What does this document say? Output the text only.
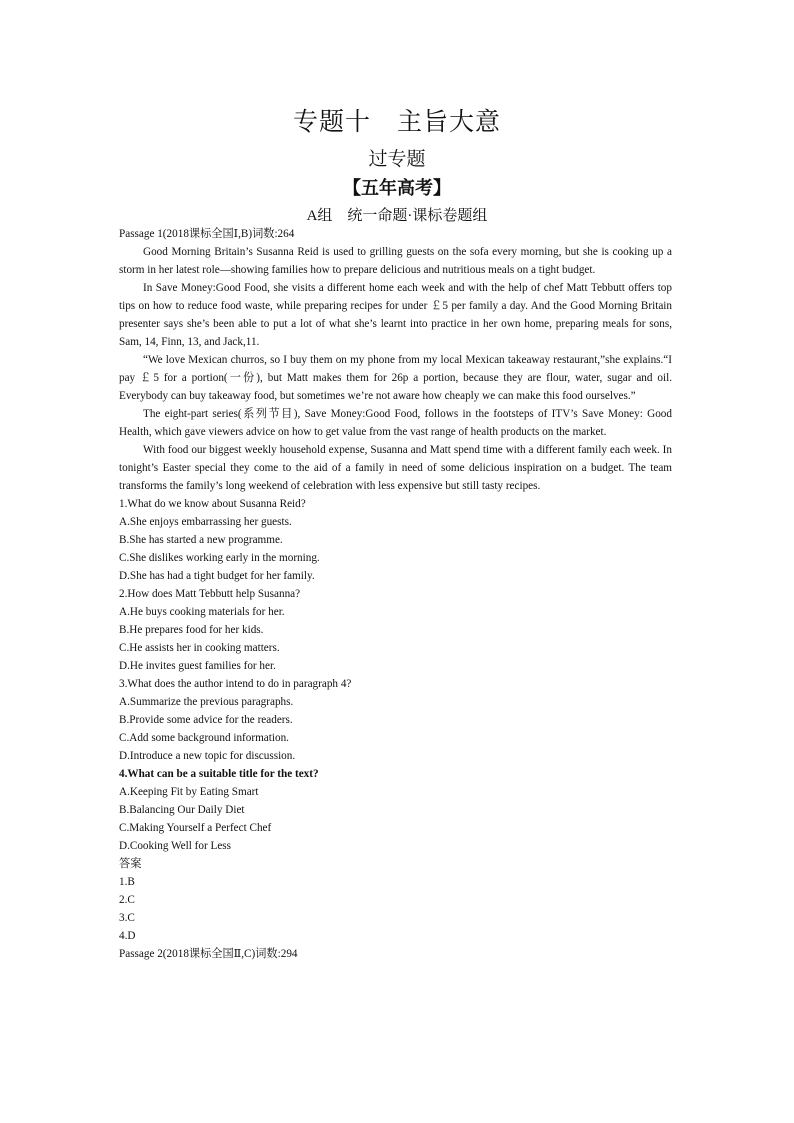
专题十　主旨大意
过专题
【五年高考】
A组　统一命题·课标卷题组

Passage 1(2018课标全国Ⅰ,B)词数:264

Good Morning Britain’s Susanna Reid is used to grilling guests on the sofa every morning, but she is cooking up a storm in her latest role—showing families how to prepare delicious and nutritious meals on a tight budget.

In Save Money:Good Food, she visits a different home each week and with the help of chef Matt Tebbutt offers top tips on how to reduce food waste, while preparing recipes for under ￡5 per family a day. And the Good Morning Britain presenter says she’s been able to put a lot of what she’s learnt into practice in her own home, preparing meals for sons, Sam, 14, Finn, 13, and Jack,11.

“We love Mexican churros, so I buy them on my phone from my local Mexican takeaway restaurant,”she explains.“I pay ￡5 for a portion(一份), but Matt makes them for 26p a portion, because they are flour, water, sugar and oil. Everybody can buy takeaway food, but sometimes we’re not aware how cheaply we can make this food ourselves.”

The eight-part series(系列节目), Save Money:Good Food, follows in the footsteps of ITV’s Save Money: Good Health, which gave viewers advice on how to get value from the vast range of health products on the market.

With food our biggest weekly household expense, Susanna and Matt spend time with a different family each week. In tonight’s Easter special they come to the aid of a family in need of some delicious inspiration on a budget. The team transforms the family’s long weekend of celebration with less expensive but still tasty recipes.

1.What do we know about Susanna Reid?

A.She enjoys embarrassing her guests.

B.She has started a new programme.

C.She dislikes working early in the morning.

D.She has had a tight budget for her family.

2.How does Matt Tebbutt help Susanna?

A.He buys cooking materials for her.

B.He prepares food for her kids.

C.He assists her in cooking matters.

D.He invites guest families for her.

3.What does the author intend to do in paragraph 4?

A.Summarize the previous paragraphs.

B.Provide some advice for the readers.

C.Add some background information.

D.Introduce a new topic for discussion.

4.What can be a suitable title for the text?

A.Keeping Fit by Eating Smart

B.Balancing Our Daily Diet

C.Making Yourself a Perfect Chef

D.Cooking Well for Less

答案

1.B

2.C

3.C

4.D

Passage 2(2018课标全国Ⅱ,C)词数:294
